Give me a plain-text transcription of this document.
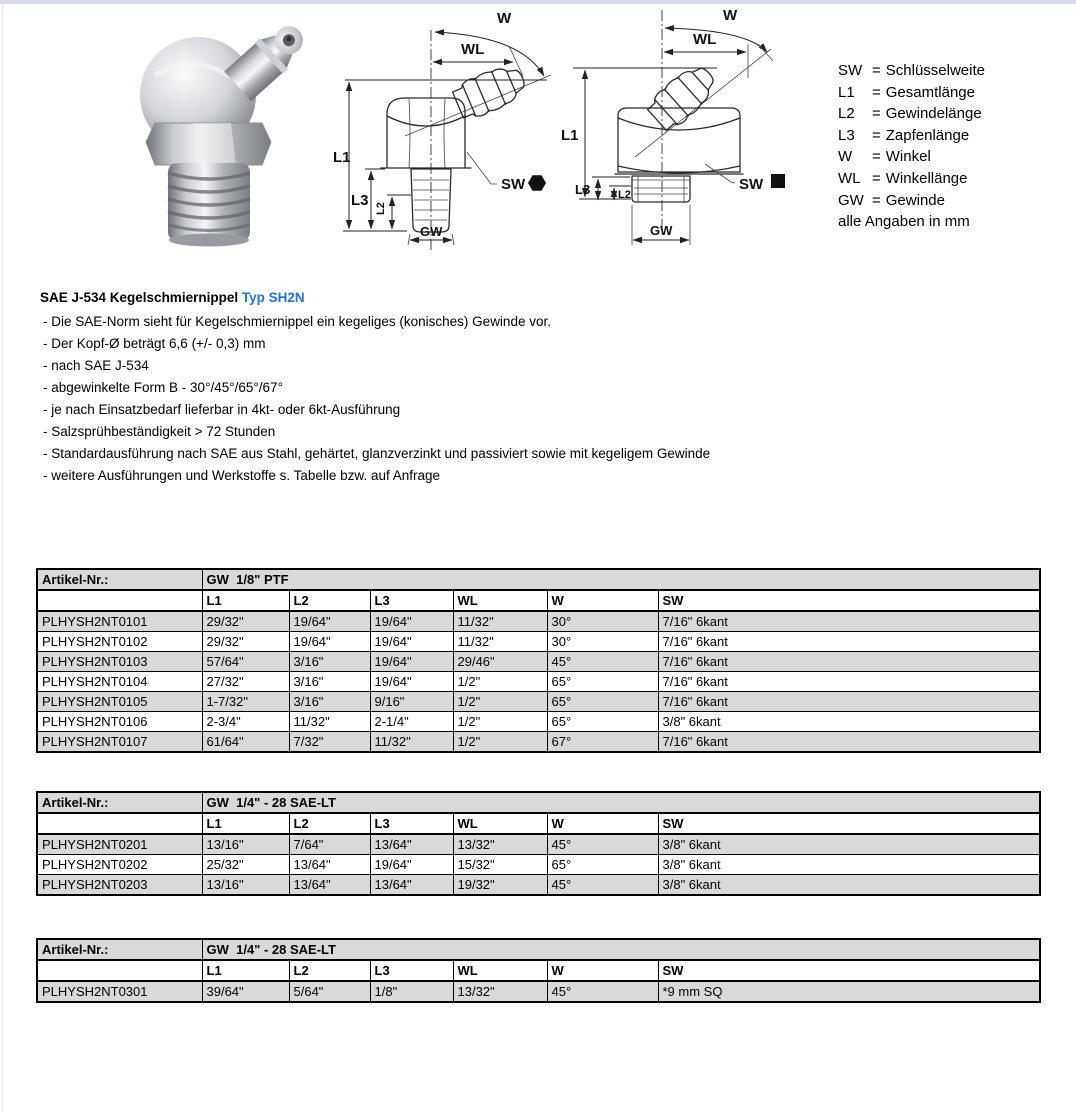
W
WL
L1
L3 L2
GW
SW
W
WL
L1
L3	L2
GW
SW
SW = Schlüsselweite
L1 = Gesamtlänge
L2 = Gewindelänge
L3 = Zapfenlänge
W = Winkel
WL = Winkellänge
GW = Gewinde
alle Angaben in mm
SAE J-534 Kegelschmiernippel Typ SH2N
- Die SAE-Norm sieht für Kegelschmiernippel ein kegeliges (konisches) Gewinde vor.
- Der Kopf-Ø beträgt 6,6 (+/- 0,3) mm
- nach SAE J-534
- abgewinkelte Form B - 30°/45°/65°/67°
- je nach Einsatzbedarf lieferbar in 4kt- oder 6kt-Ausführung
- Salzsprühbeständigkeit > 72 Stunden
- Standardausführung nach SAE aus Stahl, gehärtet, glanzverzinkt und passiviert sowie mit kegeligem Gewinde
- weitere Ausführungen und Werkstoffe s. Tabelle bzw. auf Anfrage
Artikel-Nr.:	GW  1/8" PTF					
	L1	L2	L3	WL	W	SW
PLHYSH2NT0101	29/32"	19/64"	19/64"	11/32"	30°	7/16" 6kant
PLHYSH2NT0102	29/32"	19/64"	19/64"	11/32"	30°	7/16" 6kant
PLHYSH2NT0103	57/64"	3/16"	19/64"	29/46"	45°	7/16" 6kant
PLHYSH2NT0104	27/32"	3/16"	19/64"	1/2"	65°	7/16" 6kant
PLHYSH2NT0105	1-7/32"	3/16"	9/16"	1/2"	65°	7/16" 6kant
PLHYSH2NT0106	2-3/4"	11/32"	2-1/4"	1/2"	65°	3/8" 6kant
PLHYSH2NT0107	61/64"	7/32"	11/32"	1/2"	67°	7/16" 6kant
Artikel-Nr.:	GW  1/4" - 28 SAE-LT					
	L1	L2	L3	WL	W	SW
PLHYSH2NT0201	13/16"	7/64"	13/64"	13/32"	45°	3/8" 6kant
PLHYSH2NT0202	25/32"	13/64"	19/64"	15/32"	65°	3/8" 6kant
PLHYSH2NT0203	13/16"	13/64"	13/64"	19/32"	45°	3/8" 6kant
Artikel-Nr.:	GW  1/4" - 28 SAE-LT					
	L1	L2	L3	WL	W	SW
PLHYSH2NT0301	39/64"	5/64"	1/8"	13/32"	45°	*9 mm SQ
